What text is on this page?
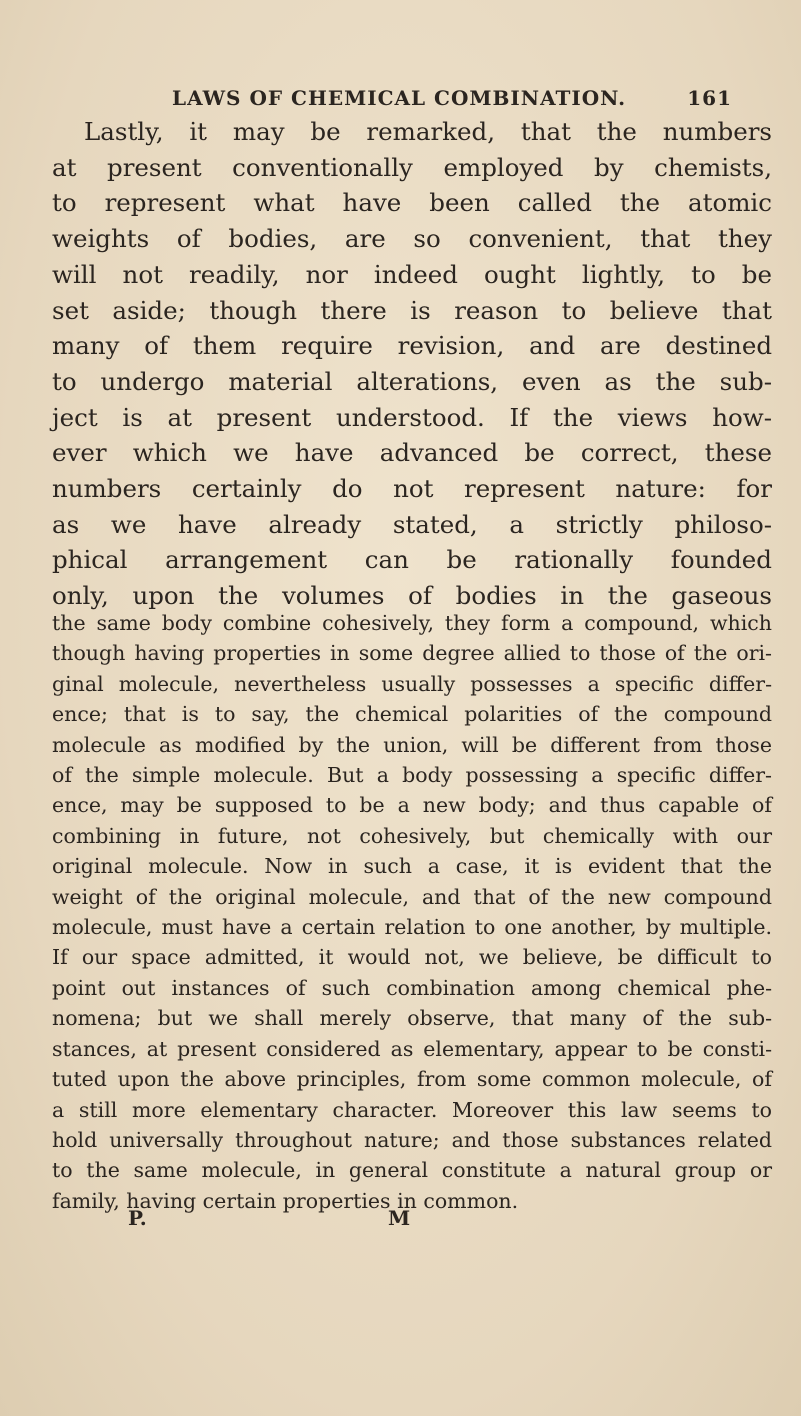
LAWS OF CHEMICAL COMBINATION.	161
Lastly, it may be remarked, that the numbers
at present conventionally employed by chemists,
to represent what have been called the atomic
weights of bodies, are so convenient, that they
will not readily, nor indeed ought lightly, to be
set aside; though there is reason to believe that
many of them require revision, and are destined
to undergo material alterations, even as the sub-
ject is at present understood. If the views how-
ever which we have advanced be correct, these
numbers certainly do not represent nature: for
as we have already stated, a strictly philoso-
phical arrangement can be rationally founded
only, upon the volumes of bodies in the gaseous
the same body combine cohesively, they form a compound, which
though having properties in some degree allied to those of the ori-
ginal molecule, nevertheless usually possesses a specific differ-
ence; that is to say, the chemical polarities of the compound
molecule as modified by the union, will be different from those
of the simple molecule. But a body possessing a specific differ-
ence, may be supposed to be a new body; and thus capable of
combining in future, not cohesively, but chemically with our
original molecule. Now in such a case, it is evident that the
weight of the original molecule, and that of the new compound
molecule, must have a certain relation to one another, by multiple.
If our space admitted, it would not, we believe, be difficult to
point out instances of such combination among chemical phe-
nomena; but we shall merely observe, that many of the sub-
stances, at present considered as elementary, appear to be consti-
tuted upon the above principles, from some common molecule, of
a still more elementary character. Moreover this law seems to
hold universally throughout nature; and those substances related
to the same molecule, in general constitute a natural group or
family, having certain properties in common.
P.	M
